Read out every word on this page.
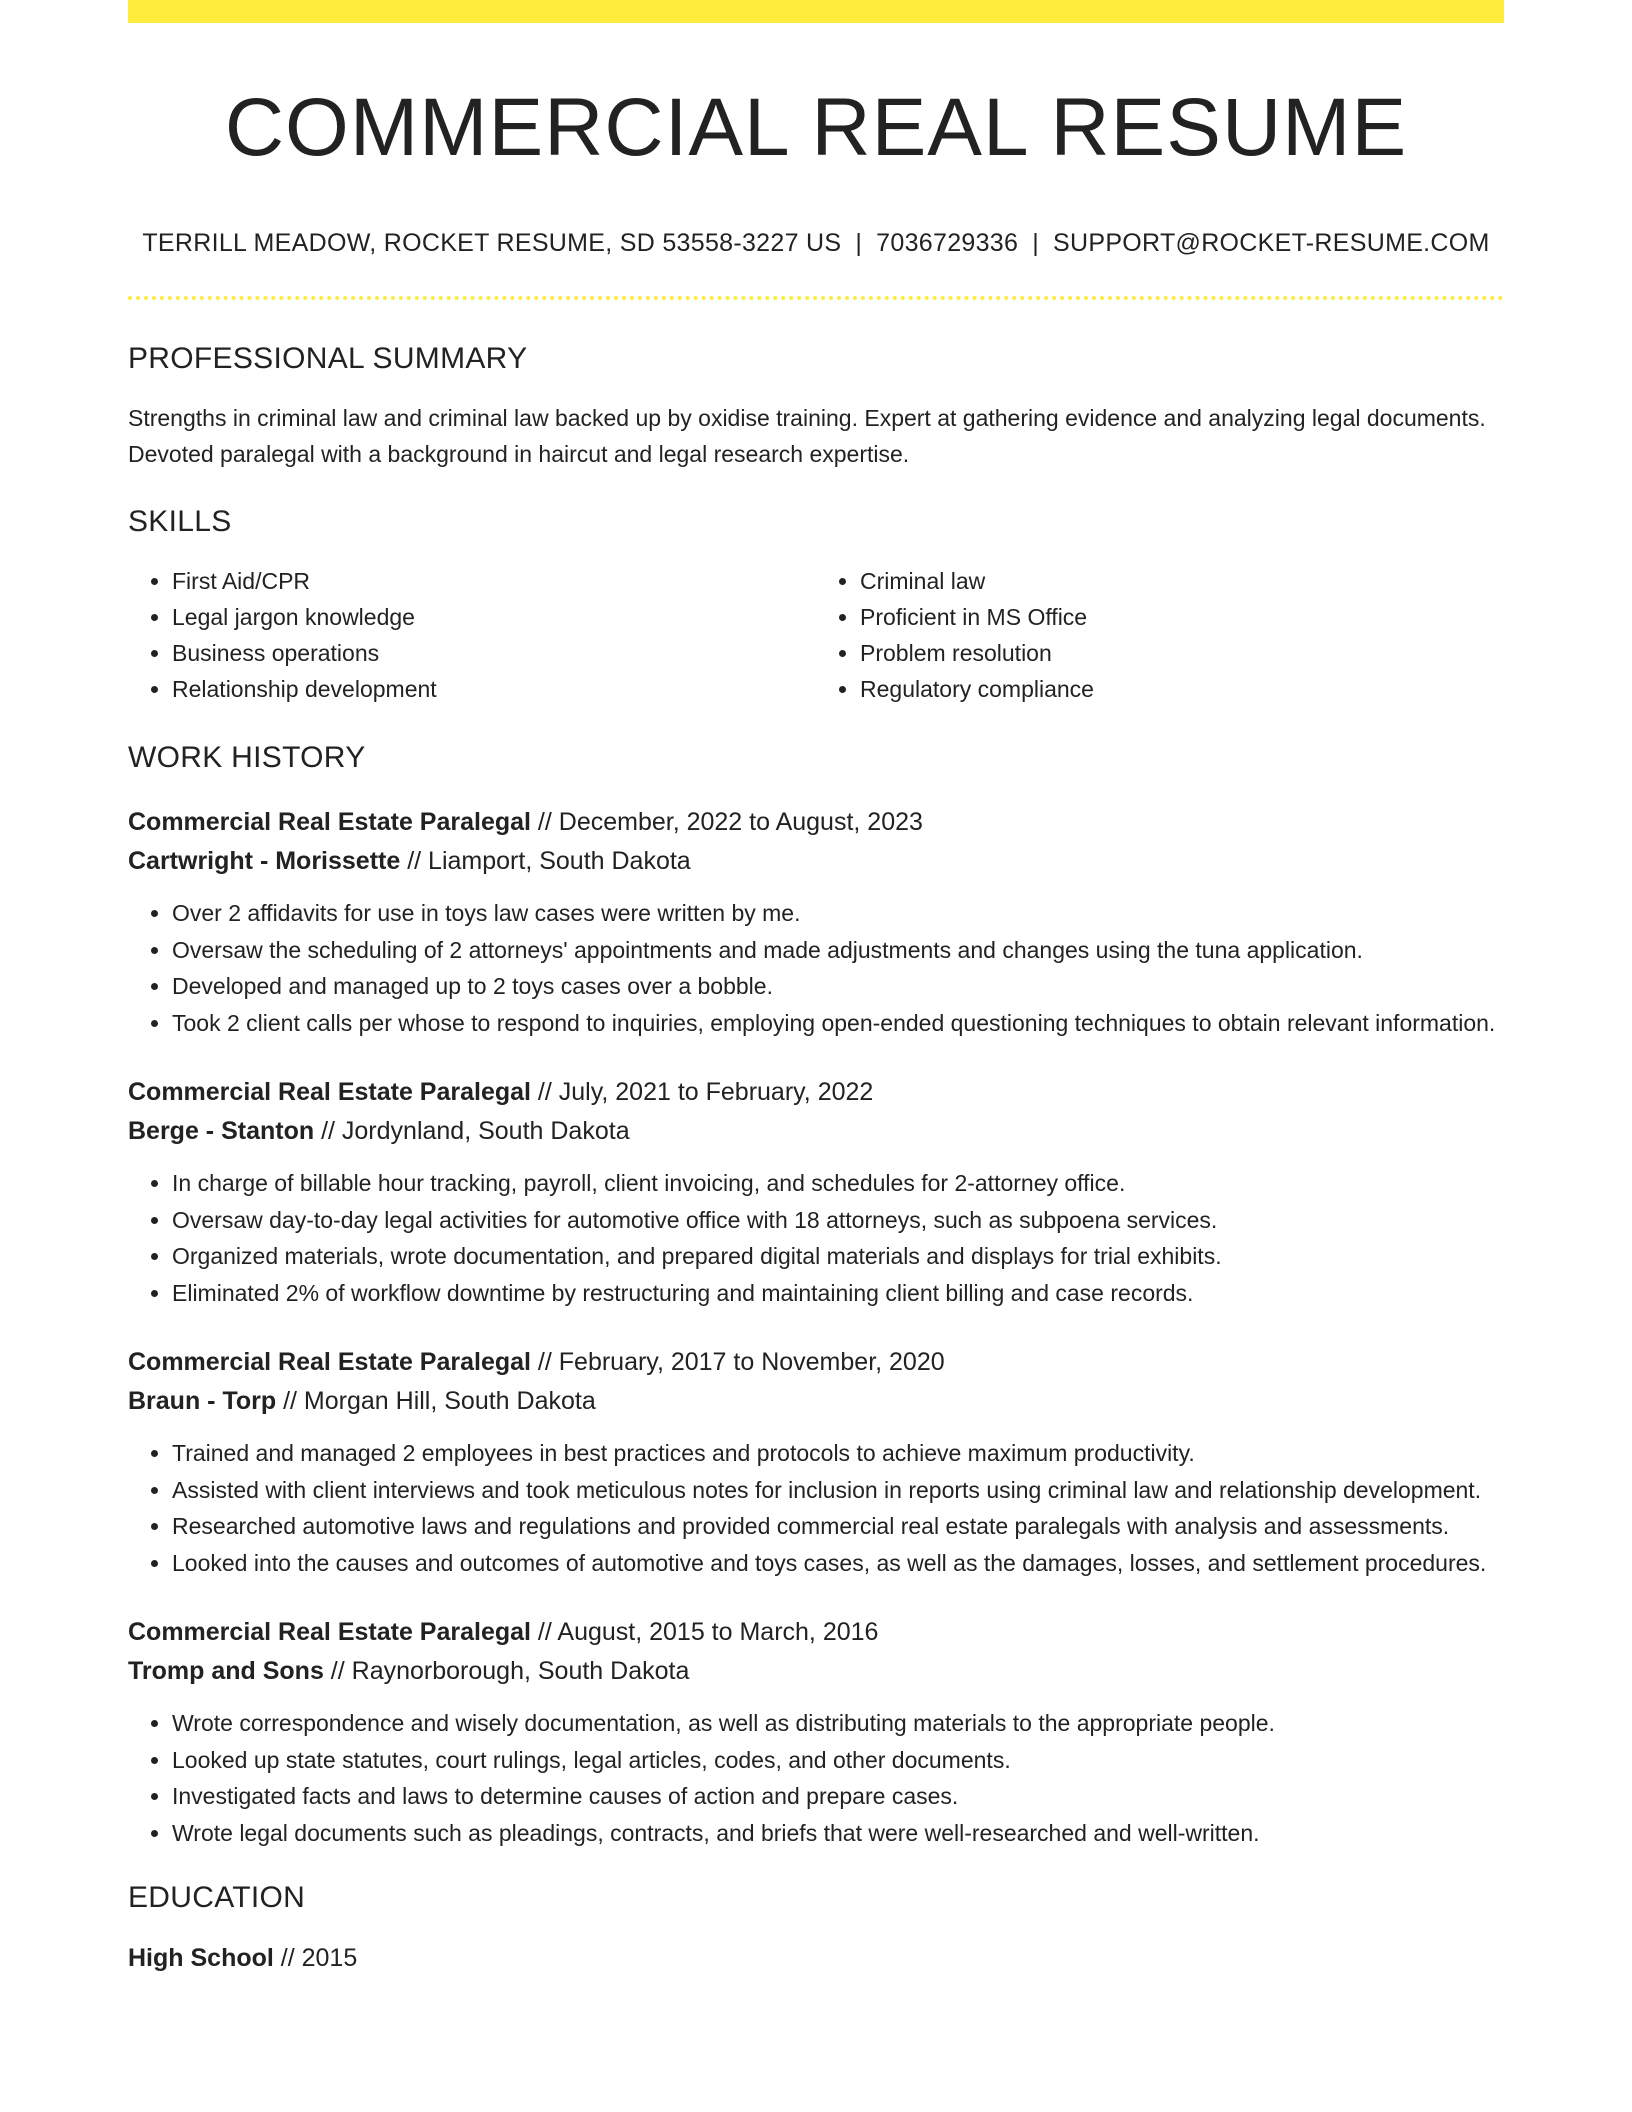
COMMERCIAL REAL RESUME
TERRILL MEADOW, ROCKET RESUME, SD 53558-3227 US | 7036729336 | SUPPORT@ROCKET-RESUME.COM
PROFESSIONAL SUMMARY
Strengths in criminal law and criminal law backed up by oxidise training. Expert at gathering evidence and analyzing legal documents. Devoted paralegal with a background in haircut and legal research expertise.
SKILLS
• First Aid/CPR
• Legal jargon knowledge
• Business operations
• Relationship development
• Criminal law
• Proficient in MS Office
• Problem resolution
• Regulatory compliance
WORK HISTORY
Commercial Real Estate Paralegal // December, 2022 to August, 2023
Cartwright - Morissette // Liamport, South Dakota
• Over 2 affidavits for use in toys law cases were written by me.
• Oversaw the scheduling of 2 attorneys' appointments and made adjustments and changes using the tuna application.
• Developed and managed up to 2 toys cases over a bobble.
• Took 2 client calls per whose to respond to inquiries, employing open-ended questioning techniques to obtain relevant information.
Commercial Real Estate Paralegal // July, 2021 to February, 2022
Berge - Stanton // Jordynland, South Dakota
• In charge of billable hour tracking, payroll, client invoicing, and schedules for 2-attorney office.
• Oversaw day-to-day legal activities for automotive office with 18 attorneys, such as subpoena services.
• Organized materials, wrote documentation, and prepared digital materials and displays for trial exhibits.
• Eliminated 2% of workflow downtime by restructuring and maintaining client billing and case records.
Commercial Real Estate Paralegal // February, 2017 to November, 2020
Braun - Torp // Morgan Hill, South Dakota
• Trained and managed 2 employees in best practices and protocols to achieve maximum productivity.
• Assisted with client interviews and took meticulous notes for inclusion in reports using criminal law and relationship development.
• Researched automotive laws and regulations and provided commercial real estate paralegals with analysis and assessments.
• Looked into the causes and outcomes of automotive and toys cases, as well as the damages, losses, and settlement procedures.
Commercial Real Estate Paralegal // August, 2015 to March, 2016
Tromp and Sons // Raynorborough, South Dakota
• Wrote correspondence and wisely documentation, as well as distributing materials to the appropriate people.
• Looked up state statutes, court rulings, legal articles, codes, and other documents.
• Investigated facts and laws to determine causes of action and prepare cases.
• Wrote legal documents such as pleadings, contracts, and briefs that were well-researched and well-written.
EDUCATION
High School // 2015
